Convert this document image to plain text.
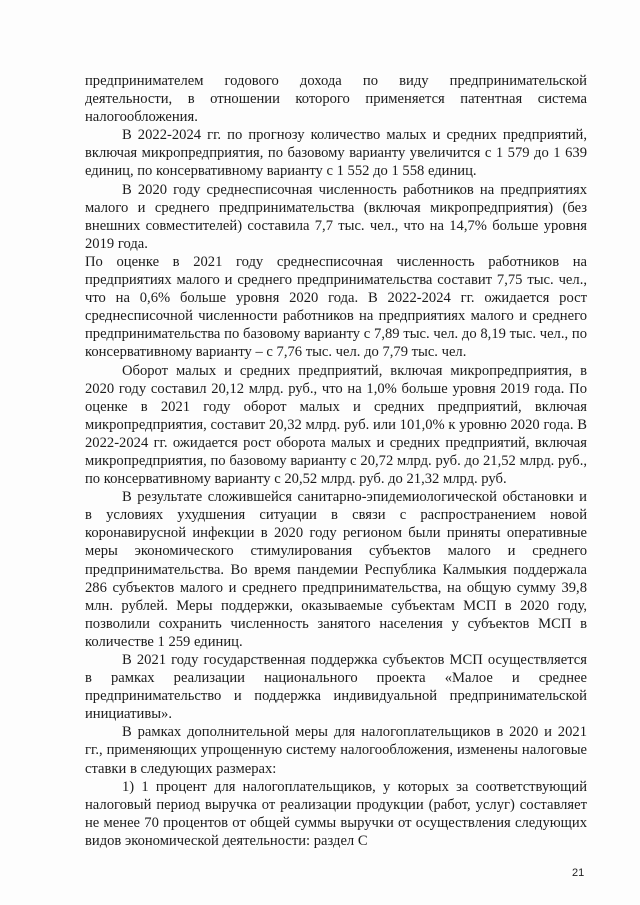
предпринимателем годового дохода по виду предпринимательской деятельности, в отношении которого применяется патентная система налогообложения.

В 2022-2024 гг. по прогнозу количество малых и средних предприятий, включая микропредприятия, по базовому варианту увеличится с 1 579 до 1 639 единиц, по консервативному варианту с 1 552 до 1 558 единиц.

В 2020 году среднесписочная численность работников на предприятиях малого и среднего предпринимательства (включая микропредприятия) (без внешних совместителей) составила 7,7 тыс. чел., что на 14,7% больше уровня 2019 года.

По оценке в 2021 году среднесписочная численность работников на предприятиях малого и среднего предпринимательства составит 7,75 тыс. чел., что на 0,6% больше уровня 2020 года. В 2022-2024 гг. ожидается рост среднесписочной численности работников на предприятиях малого и среднего предпринимательства по базовому варианту с 7,89 тыс. чел. до 8,19 тыс. чел., по консервативному варианту – с 7,76 тыс. чел. до 7,79 тыс. чел.

Оборот малых и средних предприятий, включая микропредприятия, в 2020 году составил 20,12 млрд. руб., что на 1,0% больше уровня 2019 года. По оценке в 2021 году оборот малых и средних предприятий, включая микропредприятия, составит 20,32 млрд. руб. или 101,0% к уровню 2020 года. В 2022-2024 гг. ожидается рост оборота малых и средних предприятий, включая микропредприятия, по базовому варианту с 20,72 млрд. руб. до 21,52 млрд. руб., по консервативному варианту с 20,52 млрд. руб. до 21,32 млрд. руб.

В результате сложившейся санитарно-эпидемиологической обстановки и в условиях ухудшения ситуации в связи с распространением новой коронавирусной инфекции в 2020 году регионом были приняты оперативные меры экономического стимулирования субъектов малого и среднего предпринимательства. Во время пандемии Республика Калмыкия поддержала 286 субъектов малого и среднего предпринимательства, на общую сумму 39,8 млн. рублей. Меры поддержки, оказываемые субъектам МСП в 2020 году, позволили сохранить численность занятого населения у субъектов МСП в количестве 1 259 единиц.

В 2021 году государственная поддержка субъектов МСП осуществляется в рамках реализации национального проекта «Малое и среднее предпринимательство и поддержка индивидуальной предпринимательской инициативы».

В рамках дополнительной меры для налогоплательщиков в 2020 и 2021 гг., применяющих упрощенную систему налогообложения, изменены налоговые ставки в следующих размерах:

1) 1 процент для налогоплательщиков, у которых за соответствующий налоговый период выручка от реализации продукции (работ, услуг) составляет не менее 70 процентов от общей суммы выручки от осуществления следующих видов экономической деятельности: раздел С

21
